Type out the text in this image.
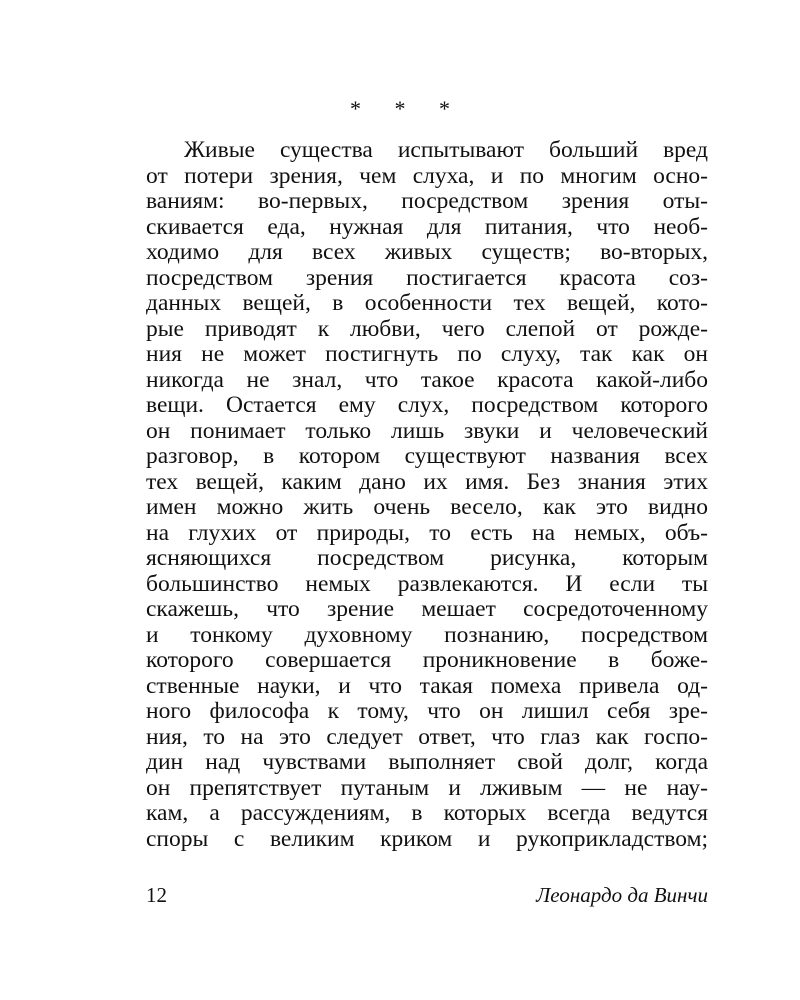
* * *
Живые существа испытывают больший вред
от потери зрения, чем слуха, и по многим осно-
ваниям: во-первых, посредством зрения оты-
скивается еда, нужная для питания, что необ-
ходимо для всех живых существ; во-вторых,
посредством зрения постигается красота соз-
данных вещей, в особенности тех вещей, кото-
рые приводят к любви, чего слепой от рожде-
ния не может постигнуть по слуху, так как он
никогда не знал, что такое красота какой-либо
вещи. Остается ему слух, посредством которого
он понимает только лишь звуки и человеческий
разговор, в котором существуют названия всех
тех вещей, каким дано их имя. Без знания этих
имен можно жить очень весело, как это видно
на глухих от природы, то есть на немых, объ-
ясняющихся посредством рисунка, которым
большинство немых развлекаются. И если ты
скажешь, что зрение мешает сосредоточенному
и тонкому духовному познанию, посредством
которого совершается проникновение в боже-
ственные науки, и что такая помеха привела од-
ного философа к тому, что он лишил себя зре-
ния, то на это следует ответ, что глаз как госпо-
дин над чувствами выполняет свой долг, когда
он препятствует путаным и лживым — не нау-
кам, а рассуждениям, в которых всегда ведутся
споры с великим криком и рукоприкладством;
12	Леонардо да Винчи
